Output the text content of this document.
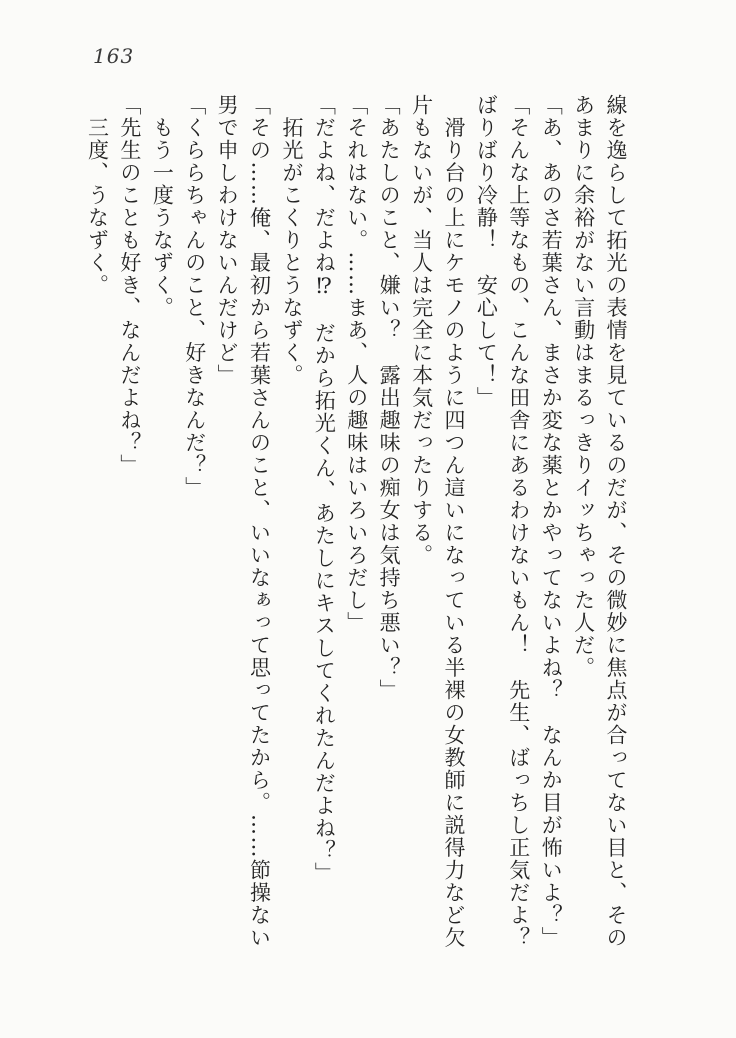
163

線を逸らして拓光の表情を見ているのだが、その微妙に焦点が合ってない目と、そのあまりに余裕がない言動はまるっきりイッちゃった人だ。

「あ、あのさ若葉さん、まさか変な薬とかやってないよね？　なんか目が怖いよ？」

「そんな上等なもの、こんな田舎にあるわけないもん！　先生、ばっちし正気だよ？ばりばり冷静！　安心して！」

　滑り台の上にケモノのように四つん這いになっている半裸の女教師に説得力など欠片もないが、当人は完全に本気だったりする。

「あたしのこと、嫌い？　露出趣味の痴女は気持ち悪い？」

「それはない。……まあ、人の趣味はいろいろだし」

「だよね、だよね⁉　だから拓光くん、あたしにキスしてくれたんだよね？」

　拓光がこくりとうなずく。

「その……俺、最初から若葉さんのこと、いいなぁって思ってたから。……節操ない男で申しわけないんだけど」

「くららちゃんのこと、好きなんだ？」

　もう一度うなずく。

「先生のことも好き、なんだよね？」

　三度、うなずく。
